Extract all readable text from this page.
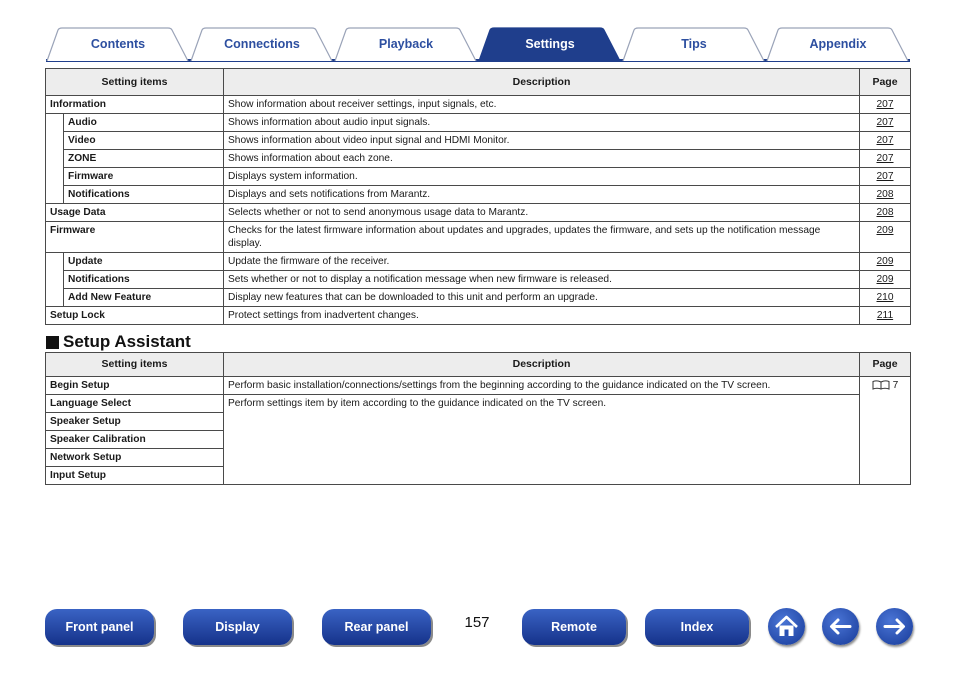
Contents	Connections	Playback	Settings	Tips	Appendix
Setting items		Description	Page
Information		Show information about receiver settings, input signals, etc.	207
	Audio	Shows information about audio input signals.	207
	Video	Shows information about video input signal and HDMI Monitor.	207
	ZONE	Shows information about each zone.	207
	Firmware	Displays system information.	207
	Notifications	Displays and sets notifications from Marantz.	208
Usage Data		Selects whether or not to send anonymous usage data to Marantz.	208
Firmware		Checks for the latest firmware information about updates and upgrades, updates the firmware, and sets up the notification message display.	209
	Update	Update the firmware of the receiver.	209
	Notifications	Sets whether or not to display a notification message when new firmware is released.	209
	Add New Feature	Display new features that can be downloaded to this unit and perform an upgrade.	210
Setup Lock		Protect settings from inadvertent changes.	211
Setup Assistant
Setting items	Description	Page
Begin Setup	Perform basic installation/connections/settings from the beginning according to the guidance indicated on the TV screen.	7
Language Select	Perform settings item by item according to the guidance indicated on the TV screen.	
Speaker Setup		
Speaker Calibration		
Network Setup		
Input Setup		
Front panel	Display	Rear panel	Remote	Index
157
